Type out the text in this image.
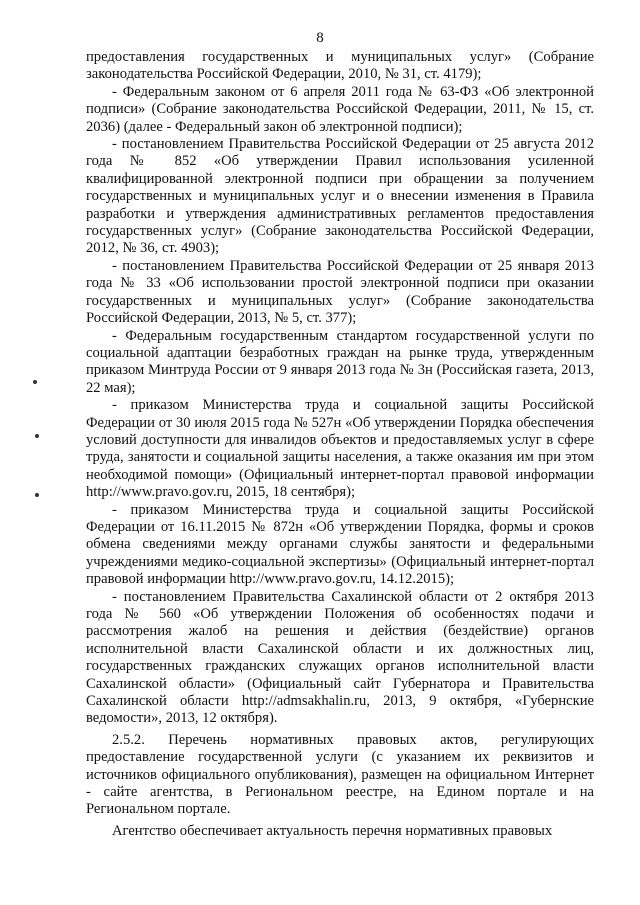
8

предоставления государственных и муниципальных услуг» (Собрание законодательства Российской Федерации, 2010, № 31, ст. 4179);

- Федеральным законом от 6 апреля 2011 года № 63-ФЗ «Об электронной подписи» (Собрание законодательства Российской Федерации, 2011, № 15, ст. 2036) (далее - Федеральный закон об электронной подписи);

- постановлением Правительства Российской Федерации от 25 августа 2012 года № 852 «Об утверждении Правил использования усиленной квалифицированной электронной подписи при обращении за получением государственных и муниципальных услуг и о внесении изменения в Правила разработки и утверждения административных регламентов предоставления государственных услуг» (Собрание законодательства Российской Федерации, 2012, № 36, ст. 4903);

- постановлением Правительства Российской Федерации от 25 января 2013 года № 33 «Об использовании простой электронной подписи при оказании государственных и муниципальных услуг» (Собрание законодательства Российской Федерации, 2013, № 5, ст. 377);

- Федеральным государственным стандартом государственной услуги по социальной адаптации безработных граждан на рынке труда, утвержденным приказом Минтруда России от 9 января 2013 года № 3н (Российская газета, 2013, 22 мая);

- приказом Министерства труда и социальной защиты Российской Федерации от 30 июля 2015 года № 527н «Об утверждении Порядка обеспечения условий доступности для инвалидов объектов и предоставляемых услуг в сфере труда, занятости и социальной защиты населения, а также оказания им при этом необходимой помощи» (Официальный интернет-портал правовой информации http://www.pravo.gov.ru, 2015, 18 сентября);

- приказом Министерства труда и социальной защиты Российской Федерации от 16.11.2015 № 872н «Об утверждении Порядка, формы и сроков обмена сведениями между органами службы занятости и федеральными учреждениями медико-социальной экспертизы» (Официальный интернет-портал правовой информации http://www.pravo.gov.ru, 14.12.2015);

- постановлением Правительства Сахалинской области от 2 октября 2013 года № 560 «Об утверждении Положения об особенностях подачи и рассмотрения жалоб на решения и действия (бездействие) органов исполнительной власти Сахалинской области и их должностных лиц, государственных гражданских служащих органов исполнительной власти Сахалинской области» (Официальный сайт Губернатора и Правительства Сахалинской области http://admsakhalin.ru, 2013, 9 октября, «Губернские ведомости», 2013, 12 октября).

2.5.2. Перечень нормативных правовых актов, регулирующих предоставление государственной услуги (с указанием их реквизитов и источников официального опубликования), размещен на официальном Интернет - сайте агентства, в Региональном реестре, на Едином портале и на Региональном портале.

Агентство обеспечивает актуальность перечня нормативных правовых
